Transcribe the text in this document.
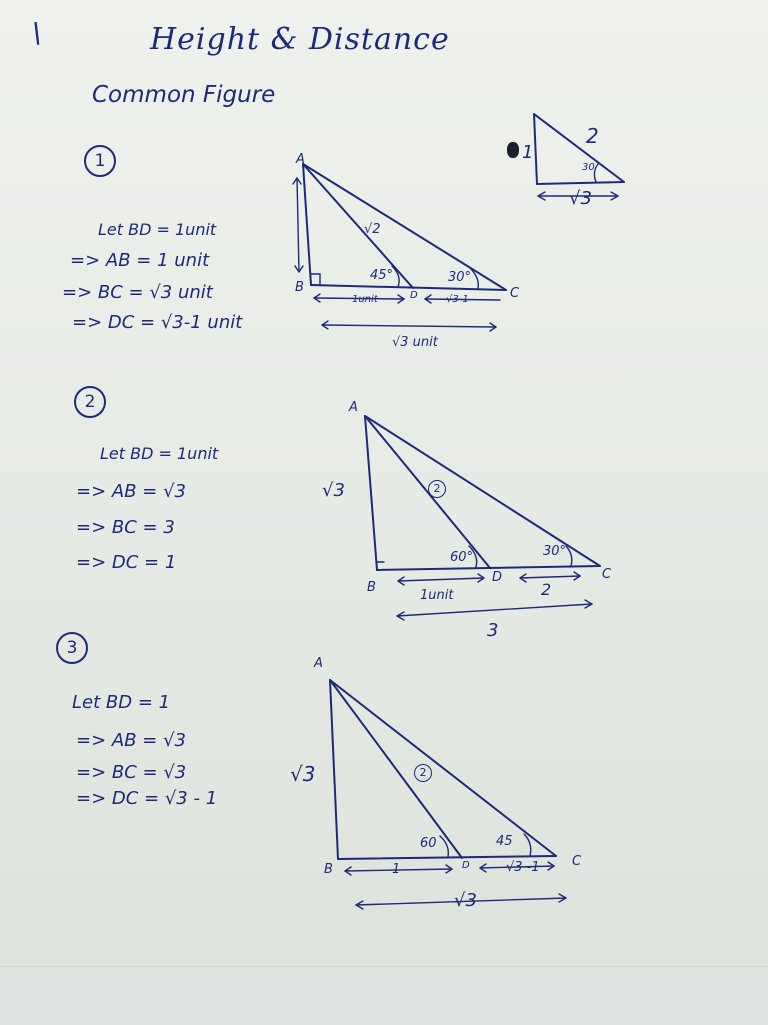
\	Height & Distance
Common Figure
2
1
30
√3
1
Let BD = 1unit
=> AB = 1 unit
=> BC = √3 unit
=> DC = √3-1 unit
A
B	C
D
√2
45°	30°
1unit	√3-1
√3 unit
2
Let BD = 1unit
=> AB = √3
=> BC = 3
=> DC = 1
A
B
C
D
√3	2
60°	30°
1unit	2
3
3
Let BD = 1
=> AB = √3
=> BC = √3
=> DC = √3 - 1
A
B
C
D
√3	2
60	45
1	√3 -1
√3
